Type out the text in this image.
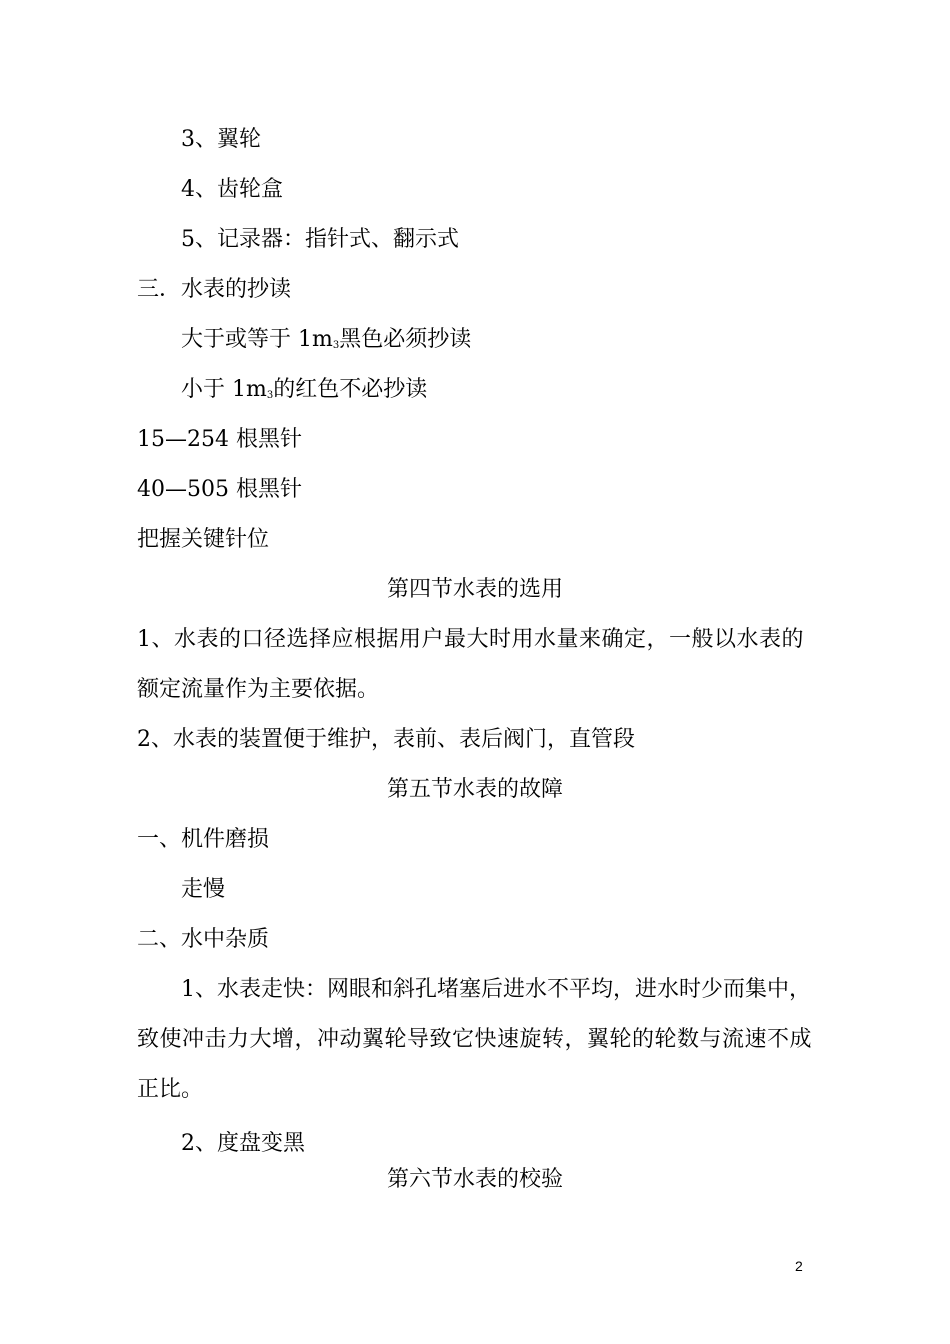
3、翼轮
4、齿轮盒
5、记录器：指针式、翻示式
三．水表的抄读
大于或等于 $1m_3$黑色必须抄读
小于 $1m_3$的红色不必抄读
15—254 根黑针
40—505 根黑针
把握关键针位
第四节水表的选用
1、水表的口径选择应根据用户最大时用水量来确定，一般以水表的
额定流量作为主要依据。
2、水表的装置便于维护，表前、表后阀门，直管段
第五节水表的故障
一、机件磨损
走慢
二、水中杂质
1、水表走快：网眼和斜孔堵塞后进水不平均，进水时少而集中，
致使冲击力大增，冲动翼轮导致它快速旋转，翼轮的轮数与流速不成
正比。
2、度盘变黑
第六节水表的校验
2
